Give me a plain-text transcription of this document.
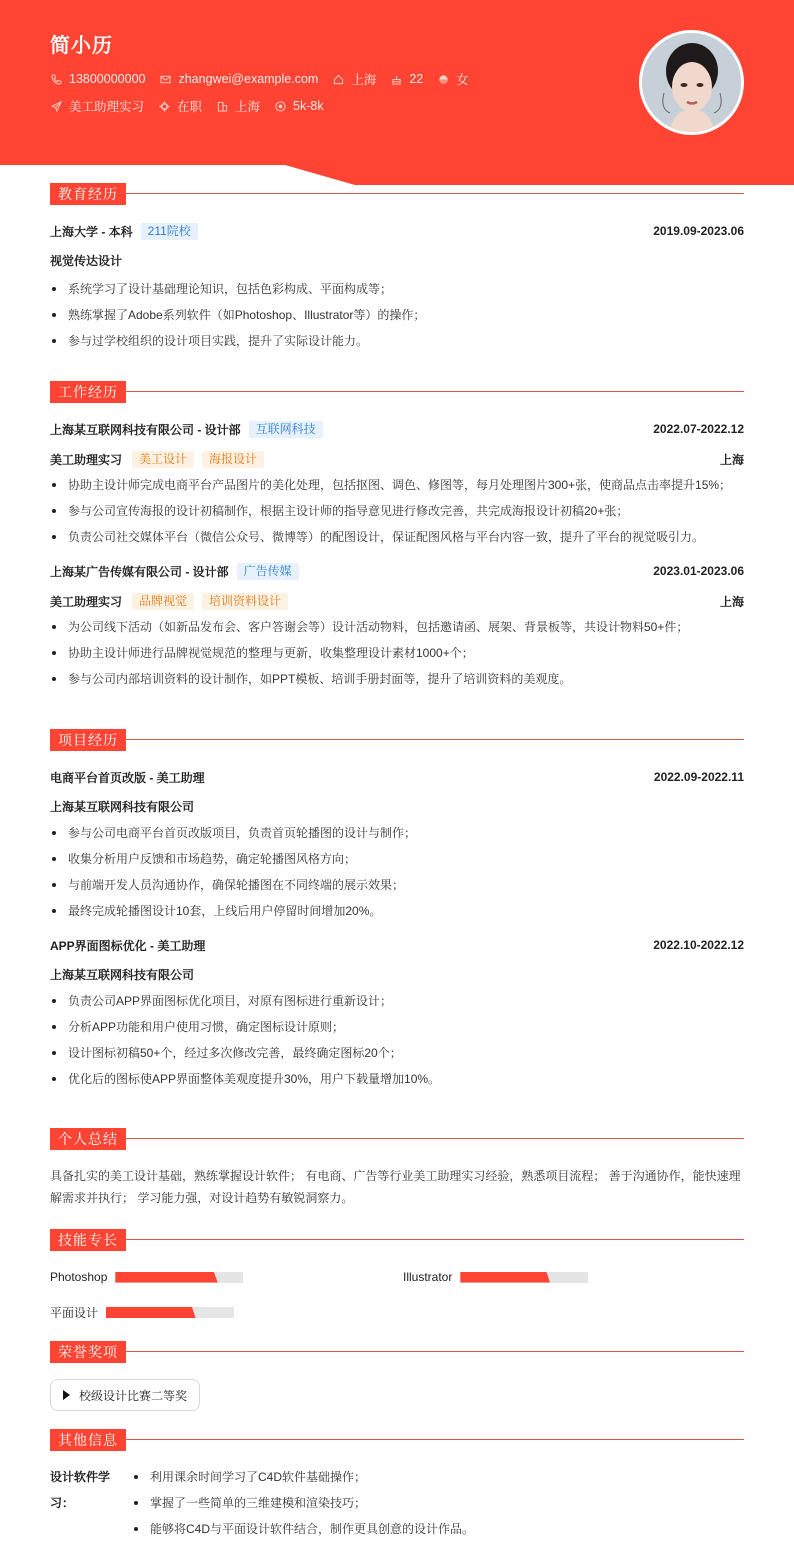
简小历
13800000000	zhangwei@example.com	上海	22	女
美工助理实习	在职	上海	5k-8k
教育经历
上海大学 - 本科	211院校	2019.09-2023.06
视觉传达设计
系统学习了设计基础理论知识，包括色彩构成、平面构成等；
熟练掌握了Adobe系列软件（如Photoshop、Illustrator等）的操作；
参与过学校组织的设计项目实践，提升了实际设计能力。
工作经历
上海某互联网科技有限公司 - 设计部	互联网科技	2022.07-2022.12
美工助理实习	美工设计	海报设计	上海
协助主设计师完成电商平台产品图片的美化处理，包括抠图、调色、修图等，每月处理图片300+张，使商品点击率提升15%；
参与公司宣传海报的设计初稿制作，根据主设计师的指导意见进行修改完善，共完成海报设计初稿20+张；
负责公司社交媒体平台（微信公众号、微博等）的配图设计，保证配图风格与平台内容一致，提升了平台的视觉吸引力。
上海某广告传媒有限公司 - 设计部	广告传媒	2023.01-2023.06
美工助理实习	品牌视觉	培训资料设计	上海
为公司线下活动（如新品发布会、客户答谢会等）设计活动物料，包括邀请函、展架、背景板等，共设计物料50+件；
协助主设计师进行品牌视觉规范的整理与更新，收集整理设计素材1000+个；
参与公司内部培训资料的设计制作，如PPT模板、培训手册封面等，提升了培训资料的美观度。
项目经历
电商平台首页改版 - 美工助理	2022.09-2022.11
上海某互联网科技有限公司
参与公司电商平台首页改版项目，负责首页轮播图的设计与制作；
收集分析用户反馈和市场趋势，确定轮播图风格方向；
与前端开发人员沟通协作，确保轮播图在不同终端的展示效果；
最终完成轮播图设计10套，上线后用户停留时间增加20%。
APP界面图标优化 - 美工助理	2022.10-2022.12
上海某互联网科技有限公司
负责公司APP界面图标优化项目，对原有图标进行重新设计；
分析APP功能和用户使用习惯，确定图标设计原则；
设计图标初稿50+个，经过多次修改完善，最终确定图标20个；
优化后的图标使APP界面整体美观度提升30%，用户下载量增加10%。
个人总结
具备扎实的美工设计基础，熟练掌握设计软件； 有电商、广告等行业美工助理实习经验，熟悉项目流程； 善于沟通协作，能快速理解需求并执行； 学习能力强，对设计趋势有敏锐洞察力。
技能专长
Photoshop	Illustrator
平面设计
荣誉奖项
校级设计比赛二等奖
其他信息
设计软件学习：
利用课余时间学习了C4D软件基础操作；
掌握了一些简单的三维建模和渲染技巧；
能够将C4D与平面设计软件结合，制作更具创意的设计作品。
